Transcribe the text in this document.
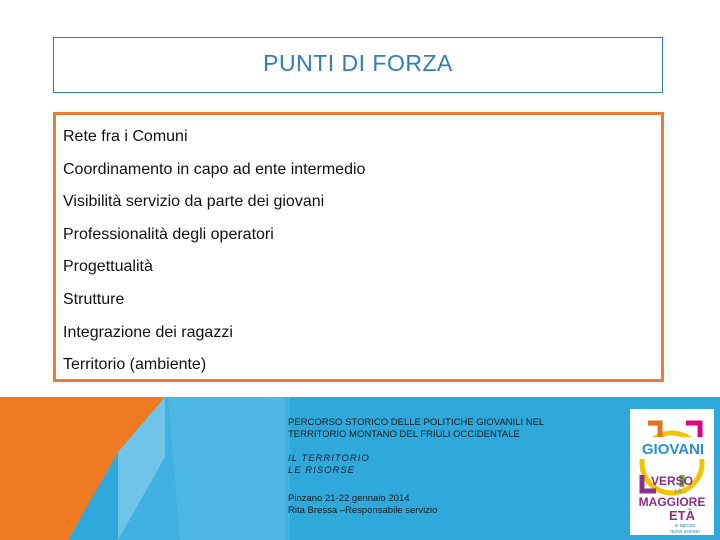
PUNTI DI FORZA
Rete fra i Comuni
Coordinamento in capo ad ente intermedio
Visibilità servizio da parte dei giovani
Professionalità degli operatori
Progettualità
Strutture
Integrazione dei ragazzi
Territorio (ambiente)
PERCORSO STORICO DELLE POLITICHE GIOVANILI NEL
TERRITORIO MONTANO DEL FRIULI OCCIDENTALE
IL TERRITORIO
LE RISORSE
Pinzano 21-22 gennaio 2014
Rita Bressa –Responsabile servizio
GIOVANI
VERSO
LA
MAGGIORE
ETÀ
si aprono
nuovi scenari
